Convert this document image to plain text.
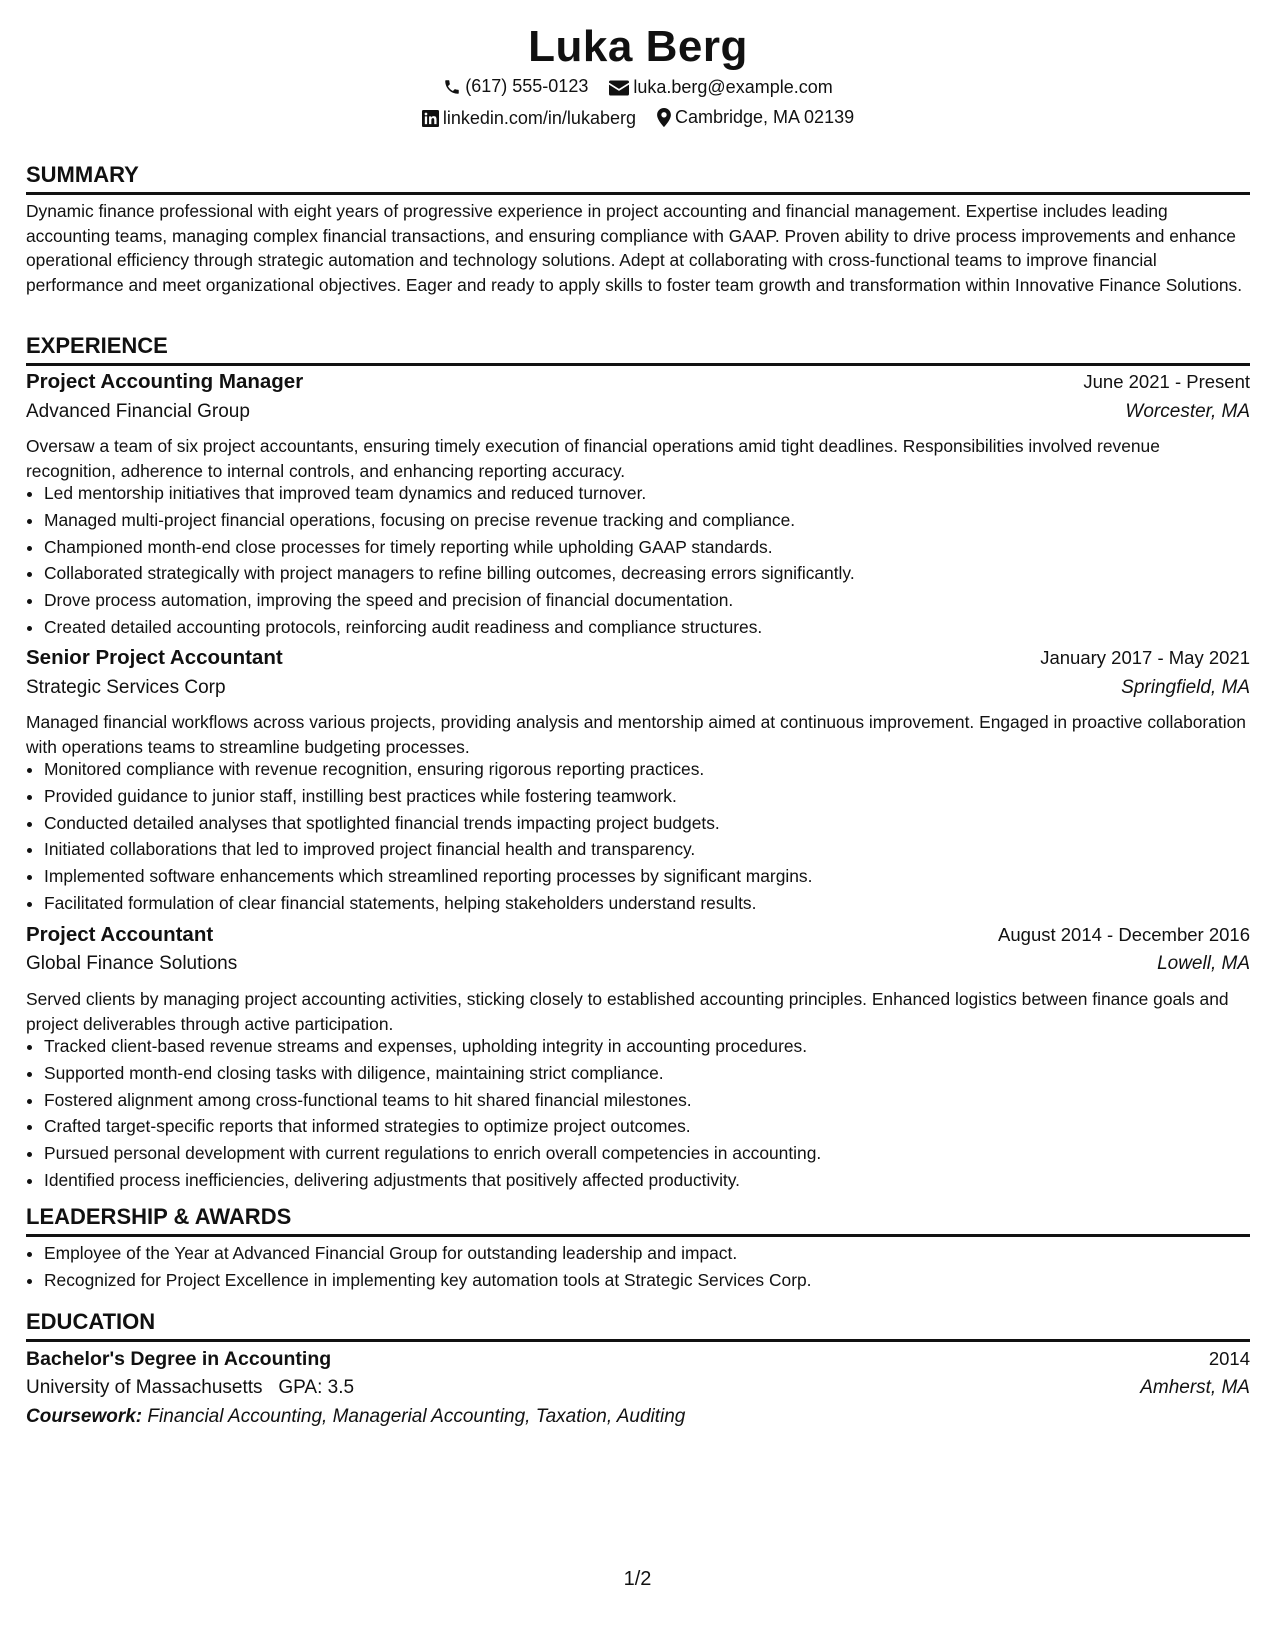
Luka Berg
(617) 555-0123
	luka.berg@example.com
linkedin.com/in/lukaberg
Cambridge, MA 02139
SUMMARY
Dynamic finance professional with eight years of progressive experience in project accounting and financial management. Expertise includes leading accounting teams, managing complex financial transactions, and ensuring compliance with GAAP. Proven ability to drive process improvements and enhance operational efficiency through strategic automation and technology solutions. Adept at collaborating with cross-functional teams to improve financial performance and meet organizational objectives. Eager and ready to apply skills to foster team growth and transformation within Innovative Finance Solutions.
EXPERIENCE
Project Accounting Manager	June 2021 - Present
Advanced Financial Group	Worcester, MA
Oversaw a team of six project accountants, ensuring timely execution of financial operations amid tight deadlines. Responsibilities involved revenue recognition, adherence to internal controls, and enhancing reporting accuracy.
• Led mentorship initiatives that improved team dynamics and reduced turnover.
• Managed multi-project financial operations, focusing on precise revenue tracking and compliance.
• Championed month-end close processes for timely reporting while upholding GAAP standards.
• Collaborated strategically with project managers to refine billing outcomes, decreasing errors significantly.
• Drove process automation, improving the speed and precision of financial documentation.
• Created detailed accounting protocols, reinforcing audit readiness and compliance structures.
Senior Project Accountant	January 2017 - May 2021
Strategic Services Corp	Springfield, MA
Managed financial workflows across various projects, providing analysis and mentorship aimed at continuous improvement. Engaged in proactive collaboration with operations teams to streamline budgeting processes.
• Monitored compliance with revenue recognition, ensuring rigorous reporting practices.
• Provided guidance to junior staff, instilling best practices while fostering teamwork.
• Conducted detailed analyses that spotlighted financial trends impacting project budgets.
• Initiated collaborations that led to improved project financial health and transparency.
• Implemented software enhancements which streamlined reporting processes by significant margins.
• Facilitated formulation of clear financial statements, helping stakeholders understand results.
Project Accountant	August 2014 - December 2016
Global Finance Solutions	Lowell, MA
Served clients by managing project accounting activities, sticking closely to established accounting principles. Enhanced logistics between finance goals and project deliverables through active participation.
• Tracked client-based revenue streams and expenses, upholding integrity in accounting procedures.
• Supported month-end closing tasks with diligence, maintaining strict compliance.
• Fostered alignment among cross-functional teams to hit shared financial milestones.
• Crafted target-specific reports that informed strategies to optimize project outcomes.
• Pursued personal development with current regulations to enrich overall competencies in accounting.
• Identified process inefficiencies, delivering adjustments that positively affected productivity.
LEADERSHIP & AWARDS
• Employee of the Year at Advanced Financial Group for outstanding leadership and impact.
• Recognized for Project Excellence in implementing key automation tools at Strategic Services Corp.
EDUCATION
Bachelor's Degree in Accounting	2014
University of Massachusetts GPA: 3.5	Amherst, MA
Coursework: Financial Accounting, Managerial Accounting, Taxation, Auditing
1/2
